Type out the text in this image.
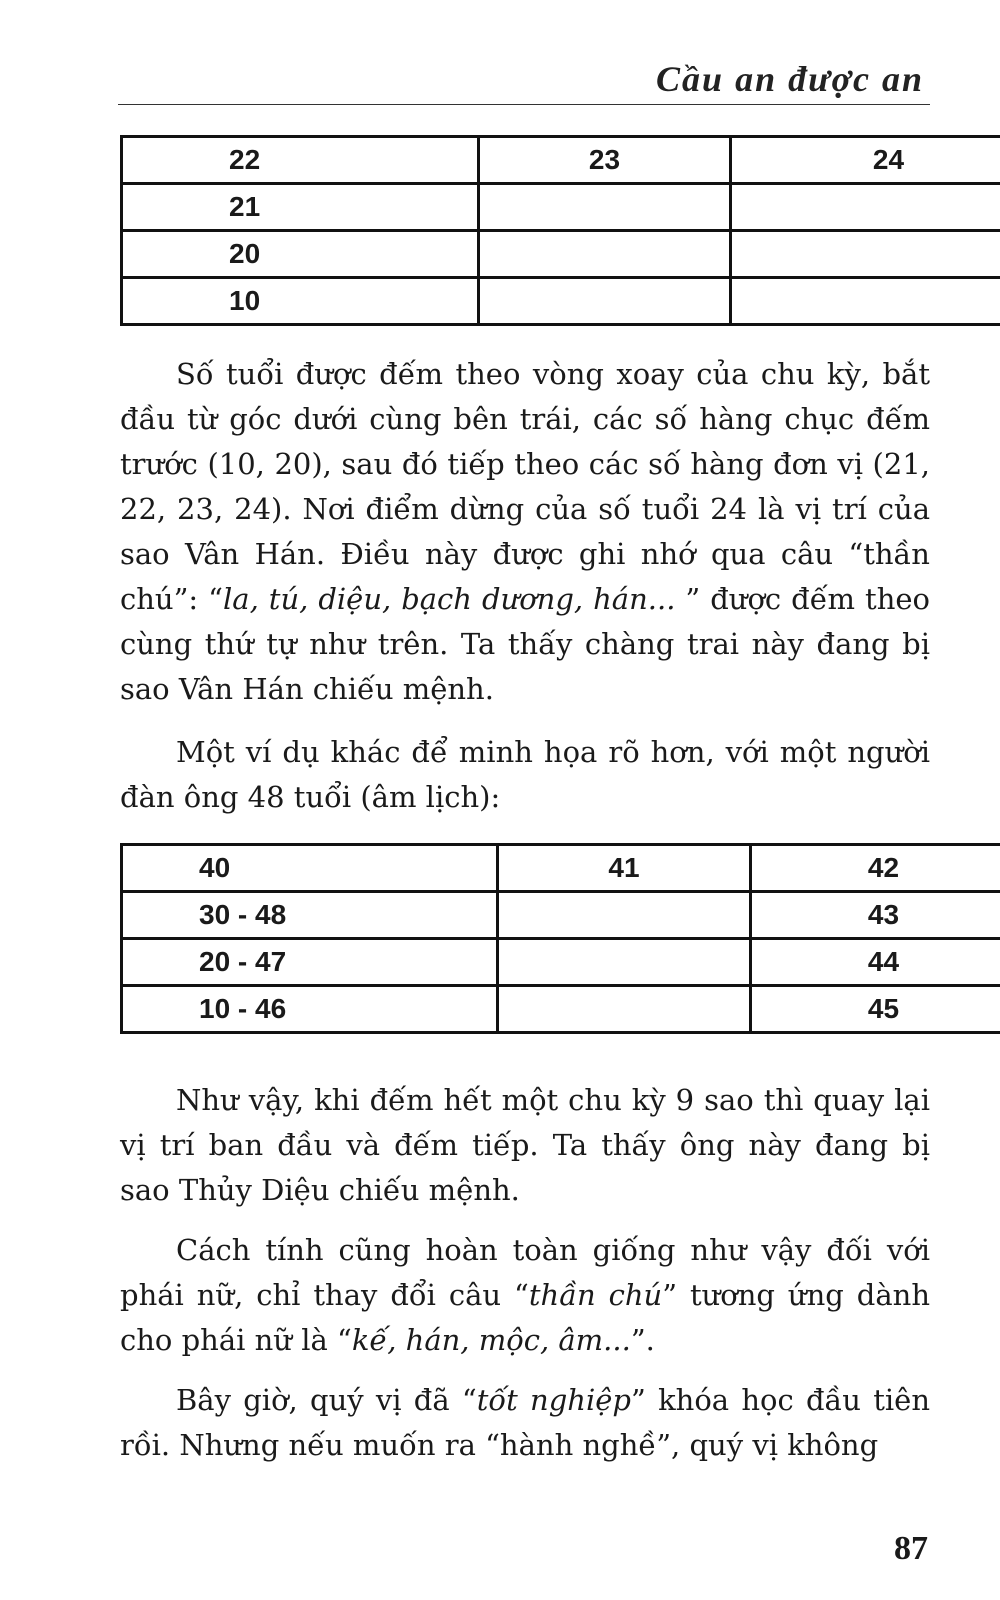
Cầu an được an
22	23	24
21		
20		
10		

Số tuổi được đếm theo vòng xoay của chu kỳ, bắt đầu từ góc dưới cùng bên trái, các số hàng chục đếm trước (10, 20), sau đó tiếp theo các số hàng đơn vị (21, 22, 23, 24). Nơi điểm dừng của số tuổi 24 là vị trí của sao Vân Hán. Điều này được ghi nhớ qua câu “thần chú”: “la, tú, diệu, bạch dương, hán... ” được đếm theo cùng thứ tự như trên. Ta thấy chàng trai này đang bị sao Vân Hán chiếu mệnh.

Một ví dụ khác để minh họa rõ hơn, với một người đàn ông 48 tuổi (âm lịch):

40	41	42
30 - 48		43
20 - 47		44
10 - 46		45

Như vậy, khi đếm hết một chu kỳ 9 sao thì quay lại vị trí ban đầu và đếm tiếp. Ta thấy ông này đang bị sao Thủy Diệu chiếu mệnh.

Cách tính cũng hoàn toàn giống như vậy đối với phái nữ, chỉ thay đổi câu “thần chú” tương ứng dành cho phái nữ là “kế, hán, mộc, âm...”.

Bây giờ, quý vị đã “tốt nghiệp” khóa học đầu tiên rồi. Nhưng nếu muốn ra “hành nghề”, quý vị không

87
